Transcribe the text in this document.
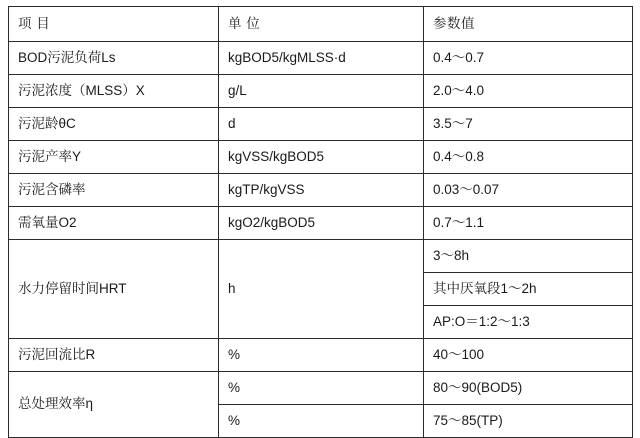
项 目	单 位	参数值
BOD污泥负荷Ls	kgBOD5/kgMLSS·d	0.4～0.7
污泥浓度（MLSS）X	g/L	2.0～4.0
污泥龄θC	d	3.5～7
污泥产率Y	kgVSS/kgBOD5	0.4～0.8
污泥含磷率	kgTP/kgVSS	0.03～0.07
需氧量O2	kgO2/kgBOD5	0.7～1.1
水力停留时间HRT	h	3～8h
		其中厌氧段1～2h
		AP:O＝1:2～1:3
污泥回流比R	%	40～100
总处理效率η	%	80～90(BOD5)
	%	75～85(TP)
